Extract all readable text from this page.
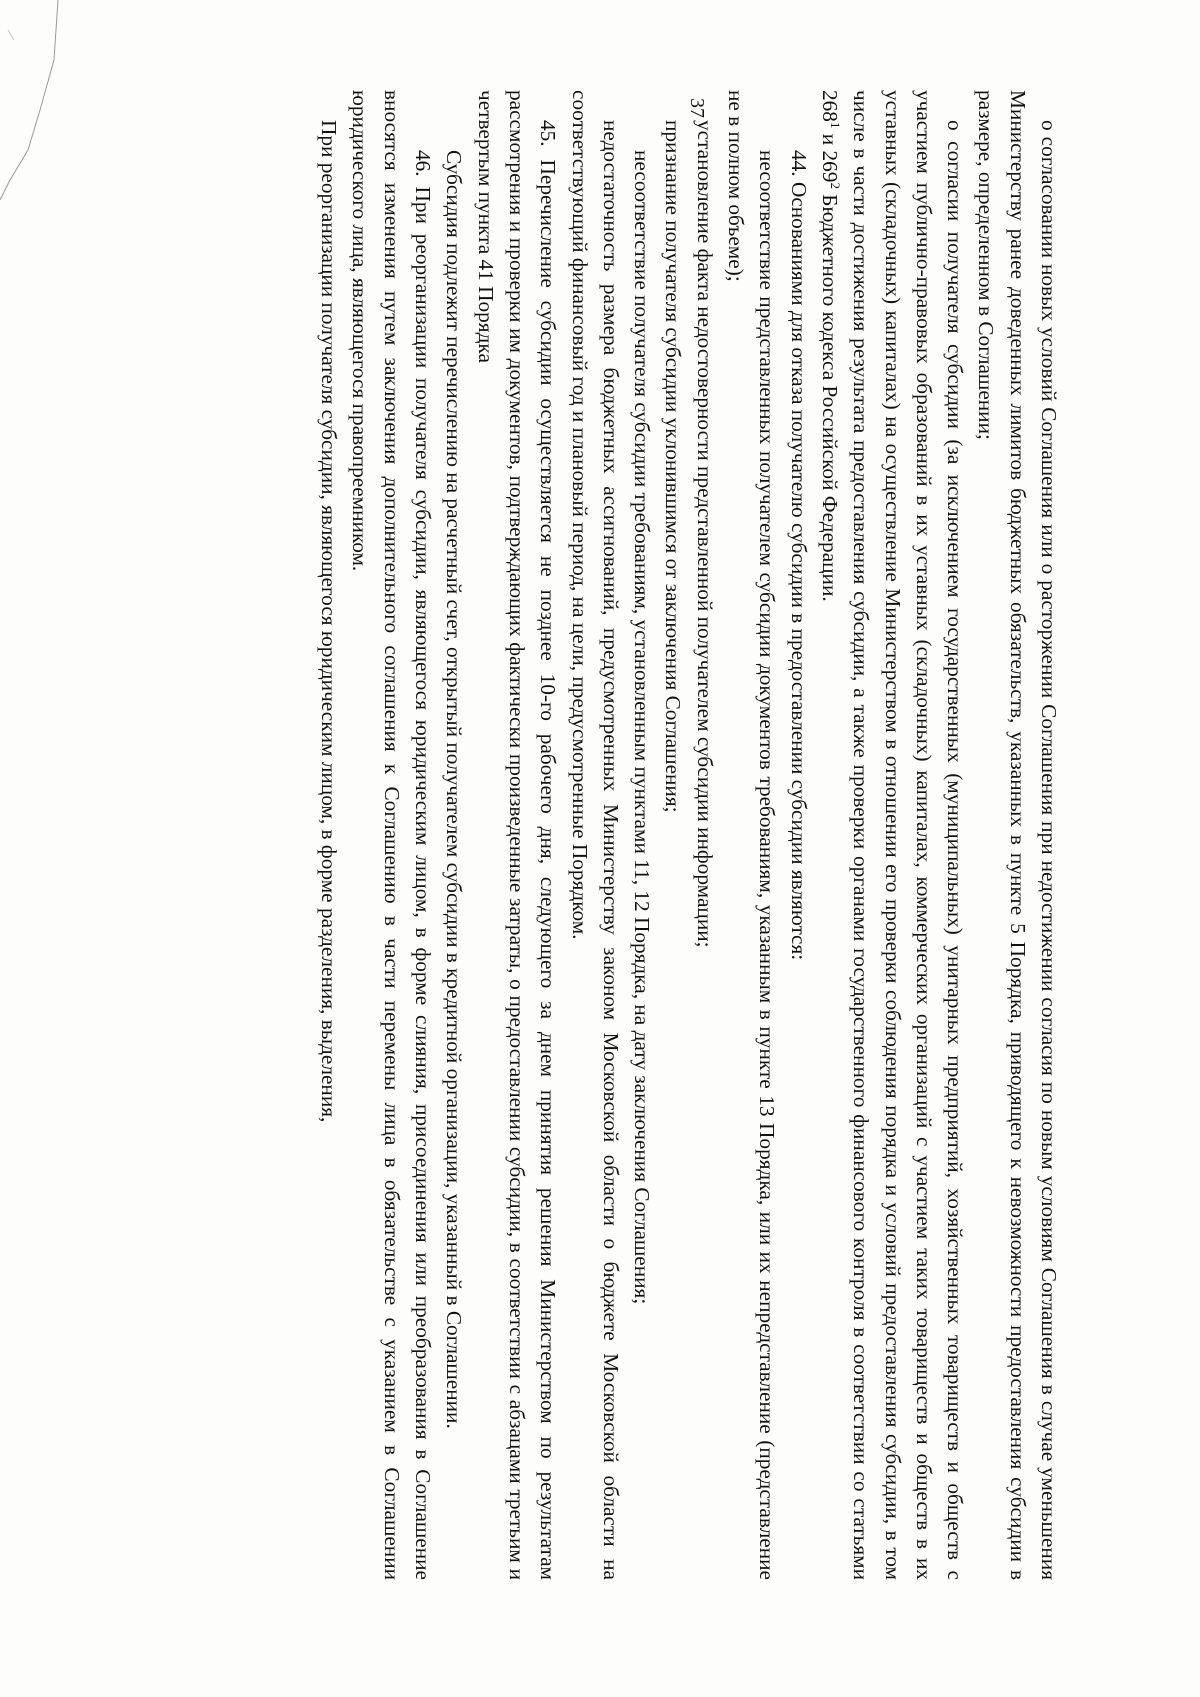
37

о согласовании новых условий Соглашения или о расторжении Соглашения при недостижении согласия по новым условиям Соглашения в случае уменьшения Министерству ранее доведенных лимитов бюджетных обязательств, указанных в пункте 5 Порядка, приводящего к невозможности предоставления субсидии в размере, определенном в Соглашении;

о согласии получателя субсидии (за исключением государственных (муниципальных) унитарных предприятий, хозяйственных товариществ и обществ с участием публично-правовых образований в их уставных (складочных) капиталах, коммерческих организаций с участием таких товариществ и обществ в их уставных (складочных) капиталах) на осуществление Министерством в отношении его проверки соблюдения порядка и условий предоставления субсидии, в том числе в части достижения результата предоставления субсидии, а также проверки органами государственного финансового контроля в соответствии со статьями $268^1$ и $269^2$ Бюджетного кодекса Российской Федерации.

44. Основаниями для отказа получателю субсидии в предоставлении субсидии являются:

несоответствие представленных получателем субсидии документов требованиям, указанным в пункте 13 Порядка, или их непредставление (представление не в полном объеме);

установление факта недостоверности представленной получателем субсидии информации;

признание получателя субсидии уклонившимся от заключения Соглашения;

несоответствие получателя субсидии требованиям, установленным пунктами 11, 12 Порядка, на дату заключения Соглашения;

недостаточность размера бюджетных ассигнований, предусмотренных Министерству законом Московской области о бюджете Московской области на соответствующий финансовый год и плановый период, на цели, предусмотренные Порядком.

45. Перечисление субсидии осуществляется не позднее 10-го рабочего дня, следующего за днем принятия решения Министерством по результатам рассмотрения и проверки им документов, подтверждающих фактически произведенные затраты, о предоставлении субсидии, в соответствии с абзацами третьим и четвертым пункта 41 Порядка

Субсидия подлежит перечислению на расчетный счет, открытый получателем субсидии в кредитной организации, указанный в Соглашении.

46. При реорганизации получателя субсидии, являющегося юридическим лицом, в форме слияния, присоединения или преобразования в Соглашение вносятся изменения путем заключения дополнительного соглашения к Соглашению в части перемены лица в обязательстве с указанием в Соглашении юридического лица, являющегося правопреемником.

При реорганизации получателя субсидии, являющегося юридическим лицом, в форме разделения, выделения,
